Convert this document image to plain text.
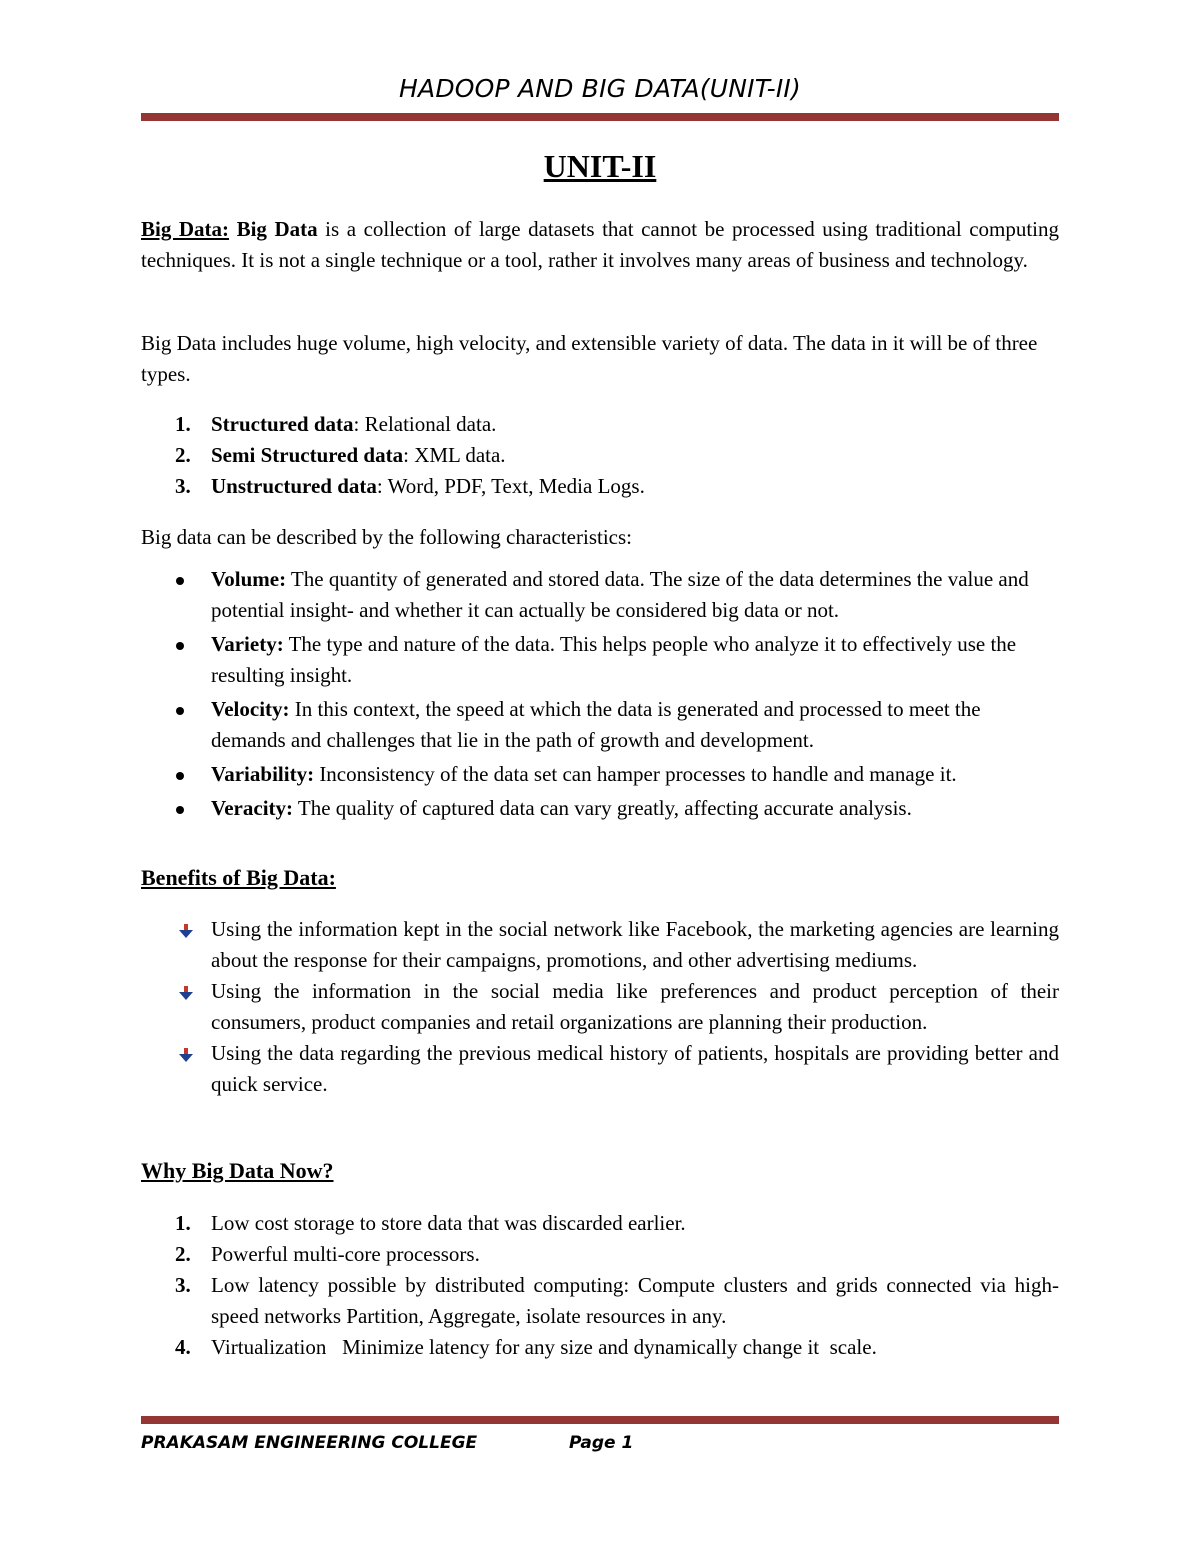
HADOOP AND BIG DATA(UNIT-II)
UNIT-II
Big Data: Big Data is a collection of large datasets that cannot be processed using traditional computing techniques. It is not a single technique or a tool, rather it involves many areas of business and technology.
Big Data includes huge volume, high velocity, and extensible variety of data. The data in it will be of three types.
1. Structured data: Relational data.
2. Semi Structured data: XML data.
3. Unstructured data: Word, PDF, Text, Media Logs.
Big data can be described by the following characteristics:
Volume: The quantity of generated and stored data. The size of the data determines the value and potential insight- and whether it can actually be considered big data or not.
Variety: The type and nature of the data. This helps people who analyze it to effectively use the resulting insight.
Velocity: In this context, the speed at which the data is generated and processed to meet the demands and challenges that lie in the path of growth and development.
Variability: Inconsistency of the data set can hamper processes to handle and manage it.
Veracity: The quality of captured data can vary greatly, affecting accurate analysis.
Benefits of Big Data:
Using the information kept in the social network like Facebook, the marketing agencies are learning about the response for their campaigns, promotions, and other advertising mediums.
Using the information in the social media like preferences and product perception of their consumers, product companies and retail organizations are planning their production.
Using the data regarding the previous medical history of patients, hospitals are providing better and quick service.
Why Big Data Now?
1. Low cost storage to store data that was discarded earlier.
2. Powerful multi-core processors.
3. Low latency possible by distributed computing: Compute clusters and grids connected via high-speed networks Partition, Aggregate, isolate resources in any.
4. Virtualization   Minimize latency for any size and dynamically change it  scale.
PRAKASAM ENGINEERING COLLEGE	Page 1
